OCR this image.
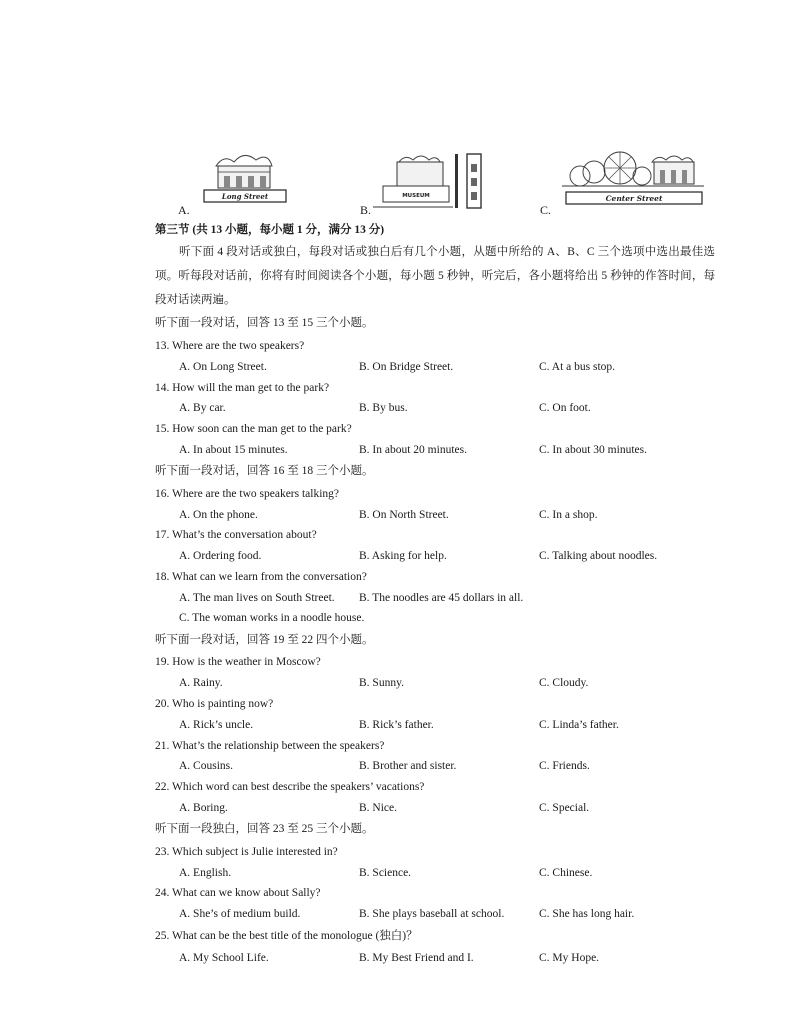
A.
Long Street
B.
MUSEUM
C.
Center Street
第三节 (共 13 小题，每小题 1 分，满分 13 分)
听下面 4 段对话或独白，每段对话或独白后有几个小题，从题中所给的 A、B、C 三个选项中选出最佳选项。听每段对话前，你将有时间阅读各个小题，每小题 5 秒钟，听完后，各小题将给出 5 秒钟的作答时间，每段对话读两遍。
听下面一段对话，回答 13 至 15 三个小题。
13. Where are the two speakers?
A. On Long Street.	B. On Bridge Street.	C. At a bus stop.
14. How will the man get to the park?
A. By car.	B. By bus.	C. On foot.
15. How soon can the man get to the park?
A. In about 15 minutes.	B. In about 20 minutes.	C. In about 30 minutes.
听下面一段对话，回答 16 至 18 三个小题。
16. Where are the two speakers talking?
A. On the phone.	B. On North Street.	C. In a shop.
17. What’s the conversation about?
A. Ordering food.	B. Asking for help.	C. Talking about noodles.
18. What can we learn from the conversation?
A. The man lives on South Street. B. The noodles are 45 dollars in all.
C. The woman works in a noodle house.
听下面一段对话，回答 19 至 22 四个小题。
19. How is the weather in Moscow?
A. Rainy.	B. Sunny.	C. Cloudy.
20. Who is painting now?
A. Rick’s uncle.	B. Rick’s father.	C. Linda’s father.
21. What’s the relationship between the speakers?
A. Cousins.	B. Brother and sister.	C. Friends.
22. Which word can best describe the speakers’ vacations?
A. Boring.	B. Nice.	C. Special.
听下面一段独白，回答 23 至 25 三个小题。
23. Which subject is Julie interested in?
A. English.	B. Science.	C. Chinese.
24. What can we know about Sally?
A. She’s of medium build.	B. She plays baseball at school.	C. She has long hair.
25. What can be the best title of the monologue (独白)？
A. My School Life.	B. My Best Friend and I.	C. My Hope.
